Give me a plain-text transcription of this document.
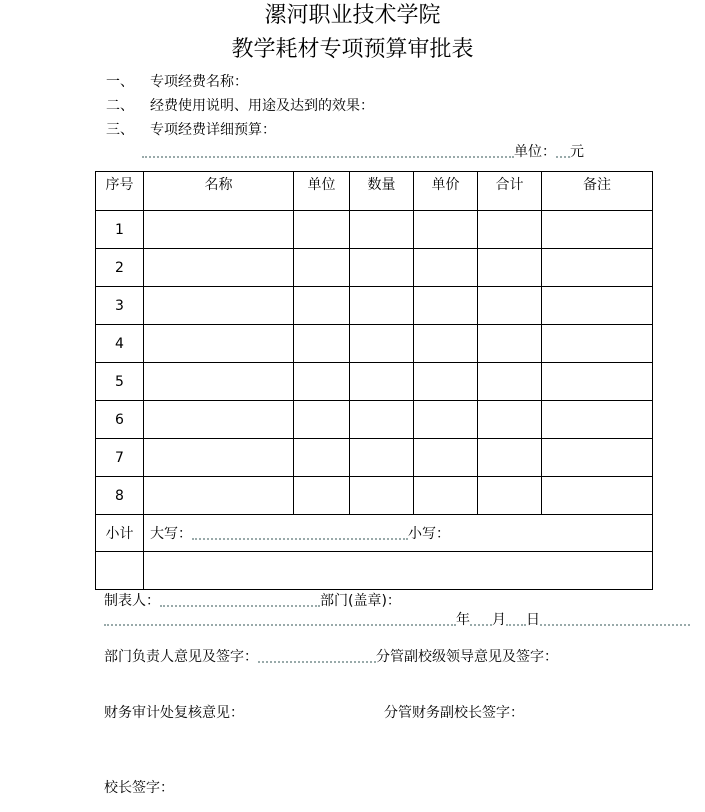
漯河职业技术学院
教学耗材专项预算审批表
一、 专项经费名称：
二、 经费使用说明、用途及达到的效果：
三、 专项经费详细预算：
单位： 元
序号	名称	单位	数量	单价	合计	备注
1						
2						
3						
4						
5						
6						
7						
8						
小计	大写： 小写：					

制表人：	部门(盖章)：
年 月 日
部门负责人意见及签字：	分管副校级领导意见及签字：
财务审计处复核意见：	分管财务副校长签字：
校长签字：
